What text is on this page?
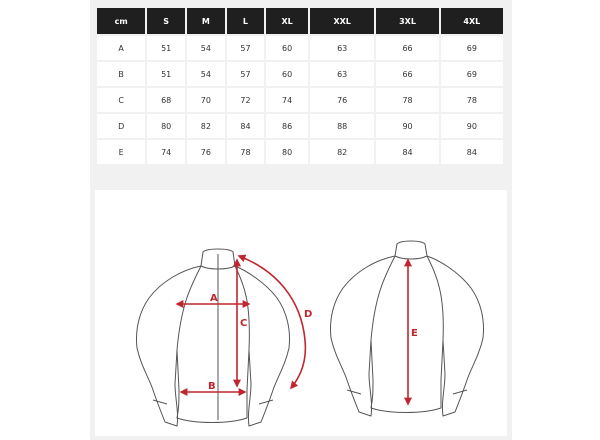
cm	S	M	L	XL	XXL	3XL	4XL
A	51	54	57	60	63	66	69
B	51	54	57	60	63	66	69
C	68	70	72	74	76	78	78
D	80	82	84	86	88	90	90
E	74	76	78	80	82	84	84
A
B
C
D
E
